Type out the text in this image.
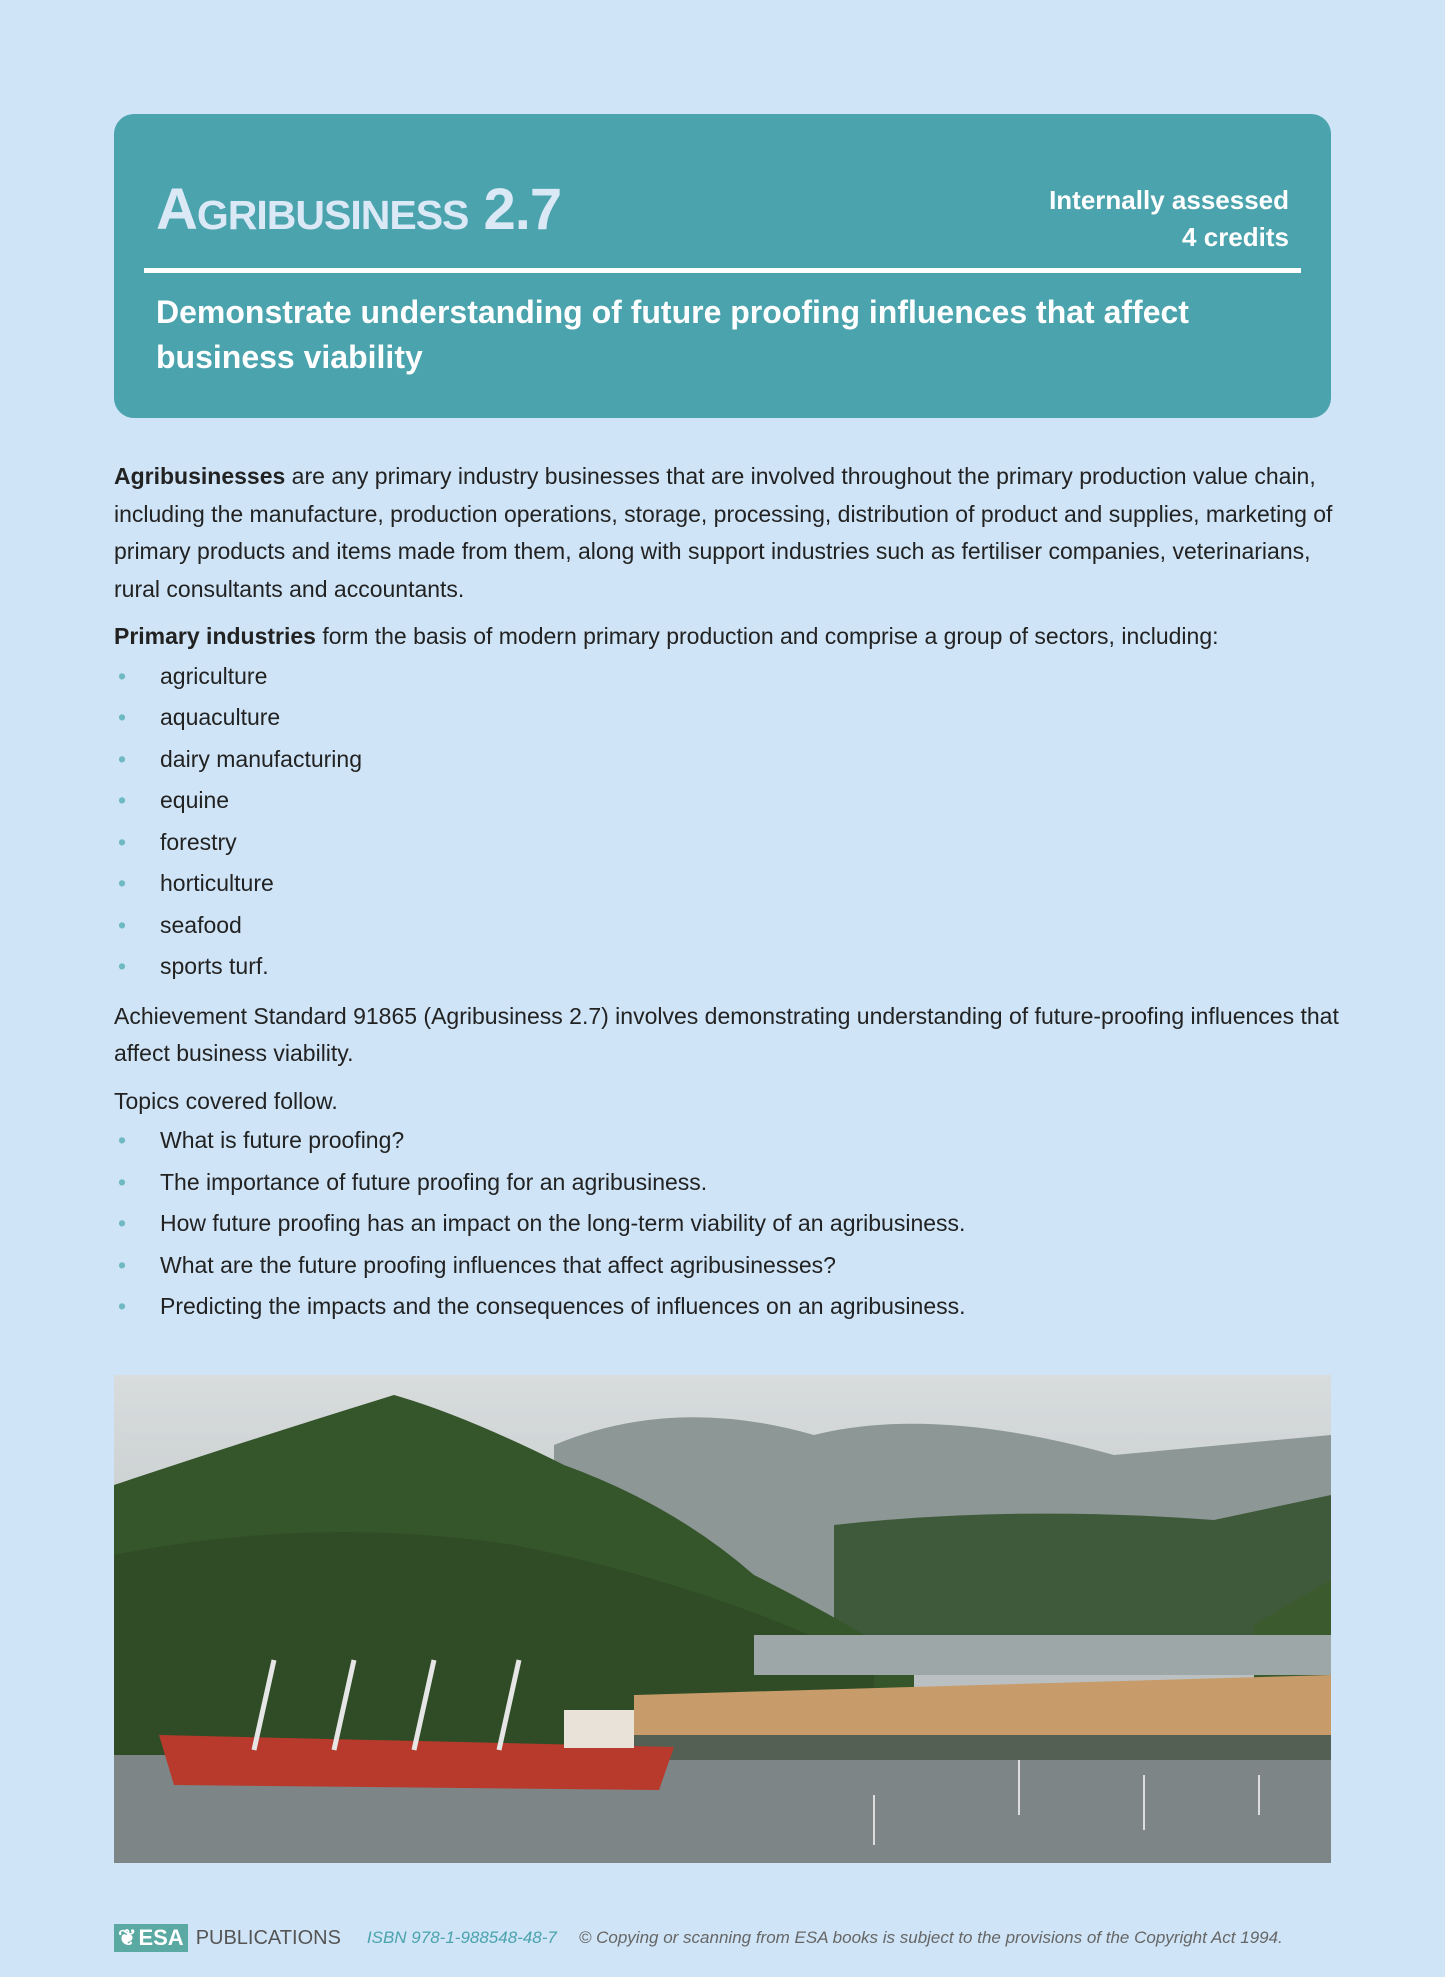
Agribusiness 2.7	Internally assessed
4 credits
Demonstrate understanding of future proofing influences that affect business viability

Agribusinesses are any primary industry businesses that are involved throughout the primary production value chain, including the manufacture, production operations, storage, processing, distribution of product and supplies, marketing of primary products and items made from them, along with support industries such as fertiliser companies, veterinarians, rural consultants and accountants.

Primary industries form the basis of modern primary production and comprise a group of sectors, including:

• agriculture
• aquaculture
• dairy manufacturing
• equine
• forestry
• horticulture
• seafood
• sports turf.

Achievement Standard 91865 (Agribusiness 2.7) involves demonstrating understanding of future-proofing influences that affect business viability.

Topics covered follow.

• What is future proofing?
• The importance of future proofing for an agribusiness.
• How future proofing has an impact on the long-term viability of an agribusiness.
• What are the future proofing influences that affect agribusinesses?
• Predicting the impacts and the consequences of influences on an agribusiness.
❦ ESA PUBLICATIONS ISBN 978-1-988548-48-7 © Copying or scanning from ESA books is subject to the provisions of the Copyright Act 1994.
